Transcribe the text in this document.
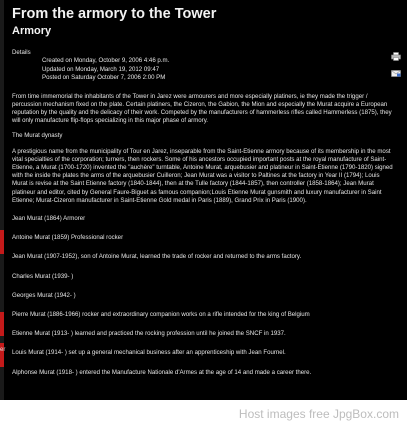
er
From the armory to the Tower
Armory
Details
Created on Monday, October 9, 2006 4:46 p.m.
Updated on Monday, March 19, 2012 09:47
Posted on Saturday October 7, 2006 2:00 PM

From time immemorial the inhabitants of the Tower in Jarez were armourers and more especially platiners, ie they made the trigger / percussion mechanism fixed on the plate. Certain platiners, the Cizeron, the Gabion, the Mion and especially the Murat acquire a European reputation by the quality and the delicacy of their work. Competed by the manufacturers of hammerless rifles called Hammerless (1875), they will only manufacture flip-flops specializing in this major phase of armory.

The Murat dynasty

A prestigious name from the municipality of Tour en Jarez, inseparable from the Saint-Etienne armory because of its membership in the most vital specialties of the corporation; turners, then rockers. Some of his ancestors occupied important posts at the royal manufacture of Saint-Etienne, a Murat (1700-1720) invented the "auchère" turntable, Antoine Murat, arquebusier and platineur in Saint-Etienne (1790-1820) signed with the inside the plates the arms of the arquebusier Cuilleron; Jean Murat was a visitor to Paltines at the factory in Year II (1794); Louis Murat is revise at the Saint Etienne factory (1840-1844), then at the Tulle factory (1844-1857), then controller (1858-1864); Jean Murat platineur and editor, cited by General Faure-Biguet as famous companion;Louis Etienne Murat gunsmith and luxury manufacturer in Saint Etienne; Murat-Cizeron manufacturer in Saint-Etienne Gold medal in Paris (1889), Grand Prix in Paris (1900).

Jean Murat (1864) Armorer
Antoine Murat (1859) Professional rocker
Jean Murat (1907-1952), son of Antoine Murat, learned the trade of rocker and returned to the arms factory.
Charles Murat (1939- )
Georges Murat (1942- )
Pierre Murat (1886-1966) rocker and extraordinary companion works on a rifle intended for the king of Belgium
Etienne Murat (1913- ) learned and practiced the rocking profession until he joined the SNCF in 1937.
Louis Murat (1914- ) set up a general mechanical business after an apprenticeship with Jean Fournel.
Alphonse Murat (1918- ) entered the Manufacture Nationale d'Armes at the age of 14 and made a career there.
Host images free JpgBox.com
